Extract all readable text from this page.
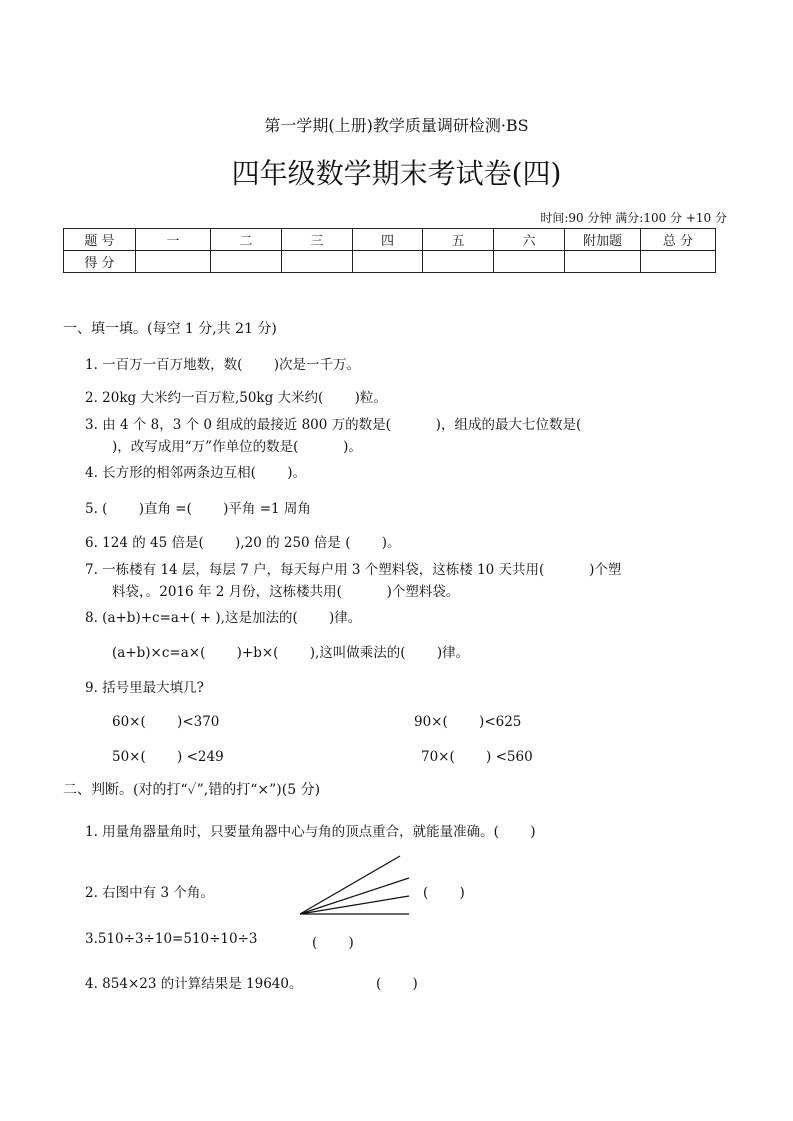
第一学期(上册)教学质量调研检测·BS
四年级数学期末考试卷(四)
时间:90 分钟 满分:100 分 +10 分
题 号	一	二	三	四	五	六	附加题	总 分
得 分								
一、填一填。(每空 1 分,共 21 分)
1. 一百万一百万地数，数(　　 )次是一千万。
2. 20kg 大米约一百万粒,50kg 大米约(　　 )粒。
3. 由 4 个 8，3 个 0 组成的最接近 800 万的数是(　　　 )，组成的最大七位数是(
)，改写成用“万”作单位的数是(　　　 )。
4. 长方形的相邻两条边互相(　　 )。
5. (　　 )直角 =(　　 )平角 =1 周角
6. 124 的 45 倍是(　　 ),20 的 250 倍是 (　　 )。
7. 一栋楼有 14 层，每层 7 户，每天每户用 3 个塑料袋，这栋楼 10 天共用(　　　 )个塑
料袋，。2016 年 2 月份，这栋楼共用(　　　 )个塑料袋。
8. (a+b)+c=a+( + ),这是加法的(　　 )律。
(a+b)×c=a×(　　 )+b×(　　 ),这叫做乘法的(　　 )律。
9. 括号里最大填几?
60×(　　 )<370	90×(　　 )<625
50×(　　 ) <249	70×(　　 ) <560
二、判断。(对的打“✓”,错的打“×”)(5 分)
1. 用量角器量角时，只要量角器中心与角的顶点重合，就能量准确。(　　 )
2. 右图中有 3 个角。	(　　 )
3.510÷3÷10=510÷10÷3	(　　 )
4. 854×23 的计算结果是 19640。	(　　 )
